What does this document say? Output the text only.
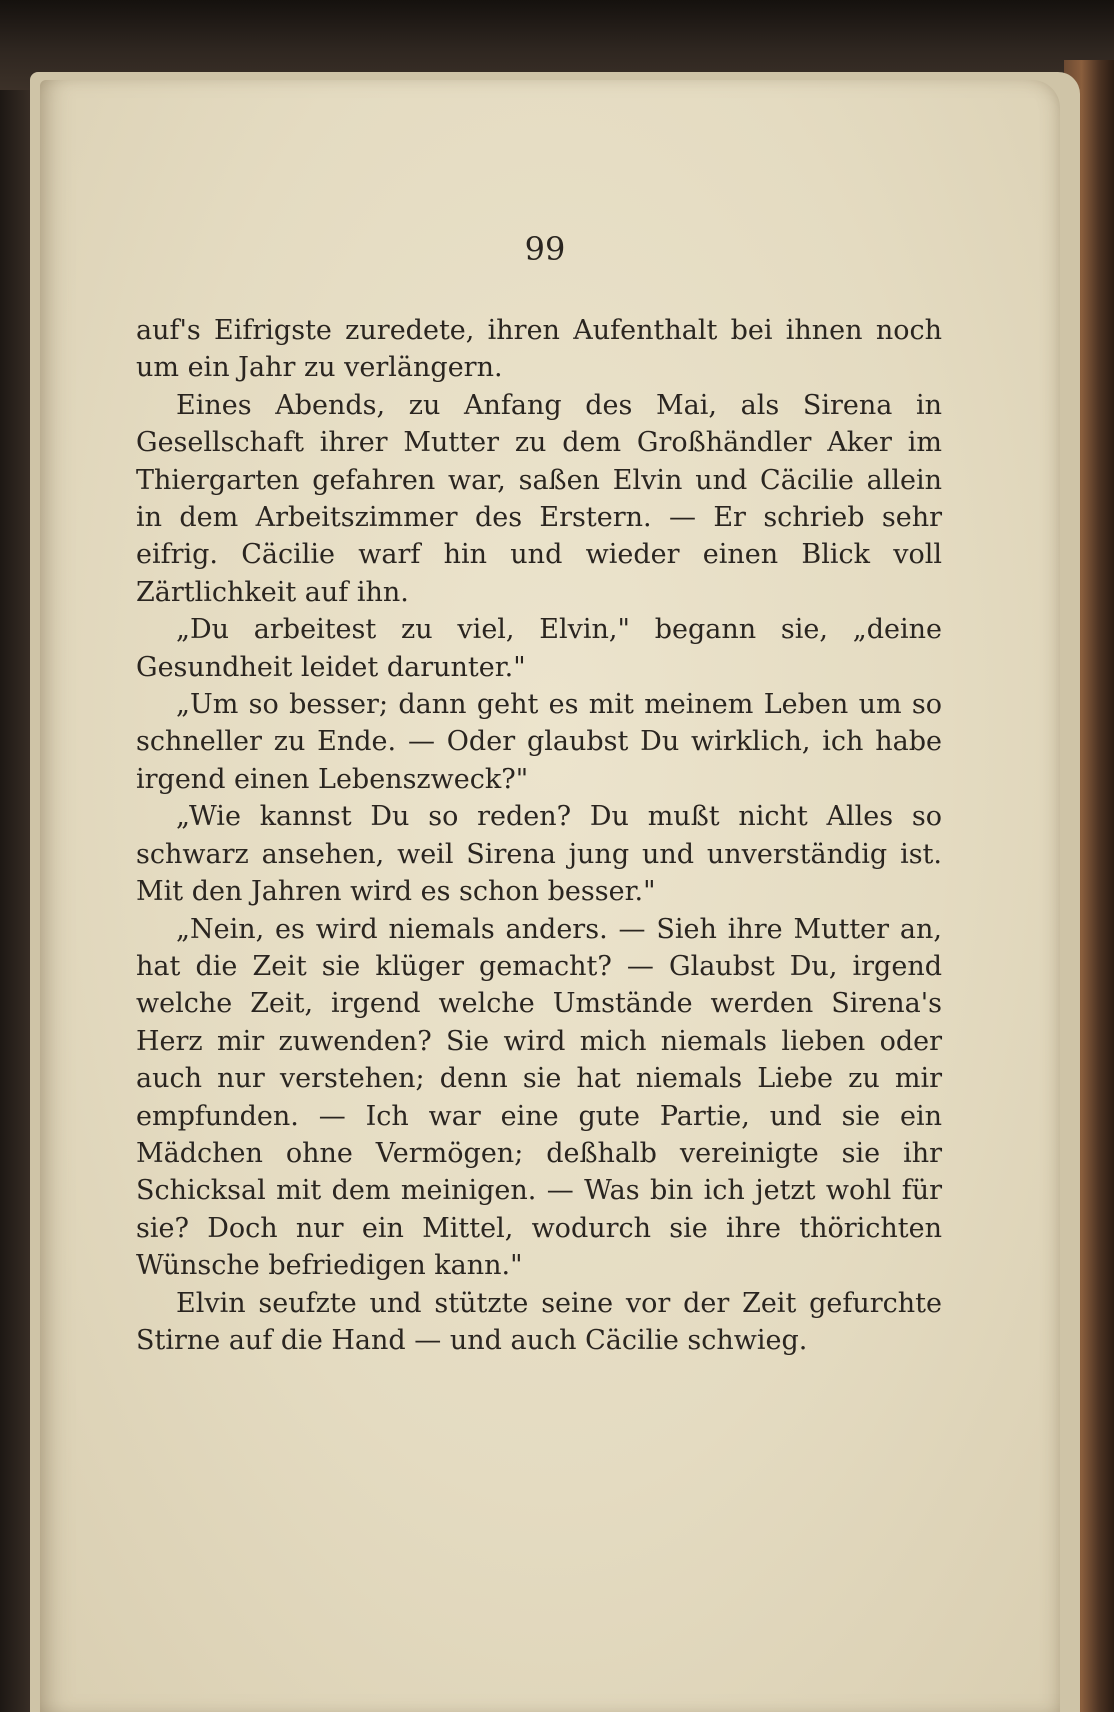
99

auf's Eifrigste zuredete, ihren Aufenthalt bei ihnen noch um ein Jahr zu verlängern.

Eines Abends, zu Anfang des Mai, als Sirena in Gesellschaft ihrer Mutter zu dem Großhändler Aker im Thiergarten gefahren war, saßen Elvin und Cäcilie allein in dem Arbeitszimmer des Erstern. — Er schrieb sehr eifrig. Cäcilie warf hin und wieder einen Blick voll Zärtlichkeit auf ihn.

„Du arbeitest zu viel, Elvin," begann sie, „deine Gesundheit leidet darunter."

„Um so besser; dann geht es mit meinem Leben um so schneller zu Ende. — Oder glaubst Du wirklich, ich habe irgend einen Lebenszweck?"

„Wie kannst Du so reden? Du mußt nicht Alles so schwarz ansehen, weil Sirena jung und unverständig ist. Mit den Jahren wird es schon besser."

„Nein, es wird niemals anders. — Sieh ihre Mutter an, hat die Zeit sie klüger gemacht? — Glaubst Du, irgend welche Zeit, irgend welche Umstände werden Sirena's Herz mir zuwenden? Sie wird mich niemals lieben oder auch nur verstehen; denn sie hat niemals Liebe zu mir empfunden. — Ich war eine gute Partie, und sie ein Mädchen ohne Vermögen; deßhalb vereinigte sie ihr Schicksal mit dem meinigen. — Was bin ich jetzt wohl für sie? Doch nur ein Mittel, wodurch sie ihre thörichten Wünsche befriedigen kann."

Elvin seufzte und stützte seine vor der Zeit gefurchte Stirne auf die Hand — und auch Cäcilie schwieg.
